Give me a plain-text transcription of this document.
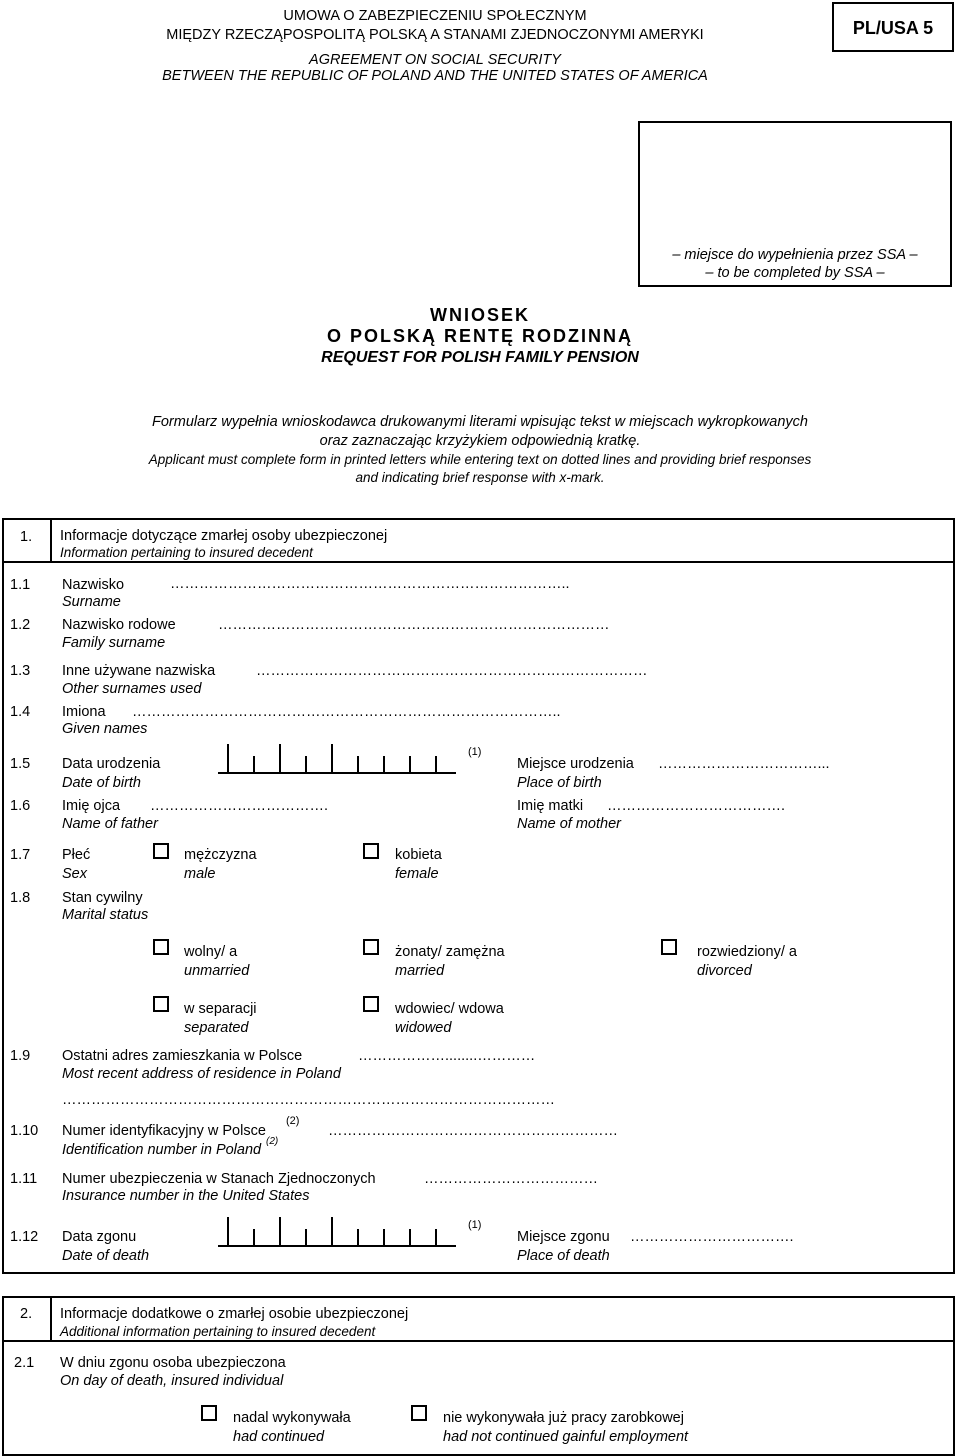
UMOWA O ZABEZPIECZENIU SPOŁECZNYM
MIĘDZY RZECZĄPOSPOLITĄ POLSKĄ A STANAMI ZJEDNOCZONYMI AMERYKI
AGREEMENT ON SOCIAL SECURITY
BETWEEN THE REPUBLIC OF POLAND AND THE UNITED STATES OF AMERICA
PL/USA 5
– miejsce do wypełnienia przez SSA –
– to be completed by SSA –
WNIOSEK
O POLSKĄ RENTĘ RODZINNĄ
REQUEST FOR POLISH FAMILY PENSION
Formularz wypełnia wnioskodawca drukowanymi literami wpisując tekst w miejscach wykropkowanych
oraz zaznaczając krzyżykiem odpowiednią kratkę.
Applicant must complete form in printed letters while entering text on dotted lines and providing brief responses
and indicating brief response with x-mark.
1. Informacje dotyczące zmarłej osoby ubezpieczonej
Information pertaining to insured decedent
1.1 Nazwisko
Surname
………………………………………………………………………..
1.2 Nazwisko rodowe
Family surname
………………………………………………………………………
1.3 Inne używane nazwiska
Other surnames used
………………………………………………………………………
1.4 Imiona
Given names
……………………………………………………………………………..
1.5 Data urodzenia
Date of birth
(1)
Miejsce urodzenia
Place of birth
……………………………...
1.6 Imię ojca
Name of father
……………………………….	Imię matki
Name of mother
……………………………….
1.7 Płeć
Sex
mężczyzna
male
kobieta
female
1.8 Stan cywilny
Marital status
wolny/ a
unmarried
żonaty/ zamężna
married
rozwiedziony/ a
divorced
w separacji
separated
wdowiec/ wdowa
widowed
1.9 Ostatni adres zamieszkania w Polsce
Most recent address of residence in Poland
………………........…………
…………………………………………………………………………………………
1.10 Numer identyfikacyjny w Polsce
(2)
Identification number in Poland
(2)
……………………………………………………
1.11 Numer ubezpieczenia w Stanach Zjednoczonych
Insurance number in the United States
………………………………
1.12 Data zgonu
Date of death
(1)
Miejsce zgonu
Place of death
…………………………….
2. Informacje dodatkowe o zmarłej osobie ubezpieczonej
Additional information pertaining to insured decedent
2.1 W dniu zgonu osoba ubezpieczona
On day of death, insured individual
nadal wykonywała
had continued
nie wykonywała już pracy zarobkowej
had not continued gainful employment
